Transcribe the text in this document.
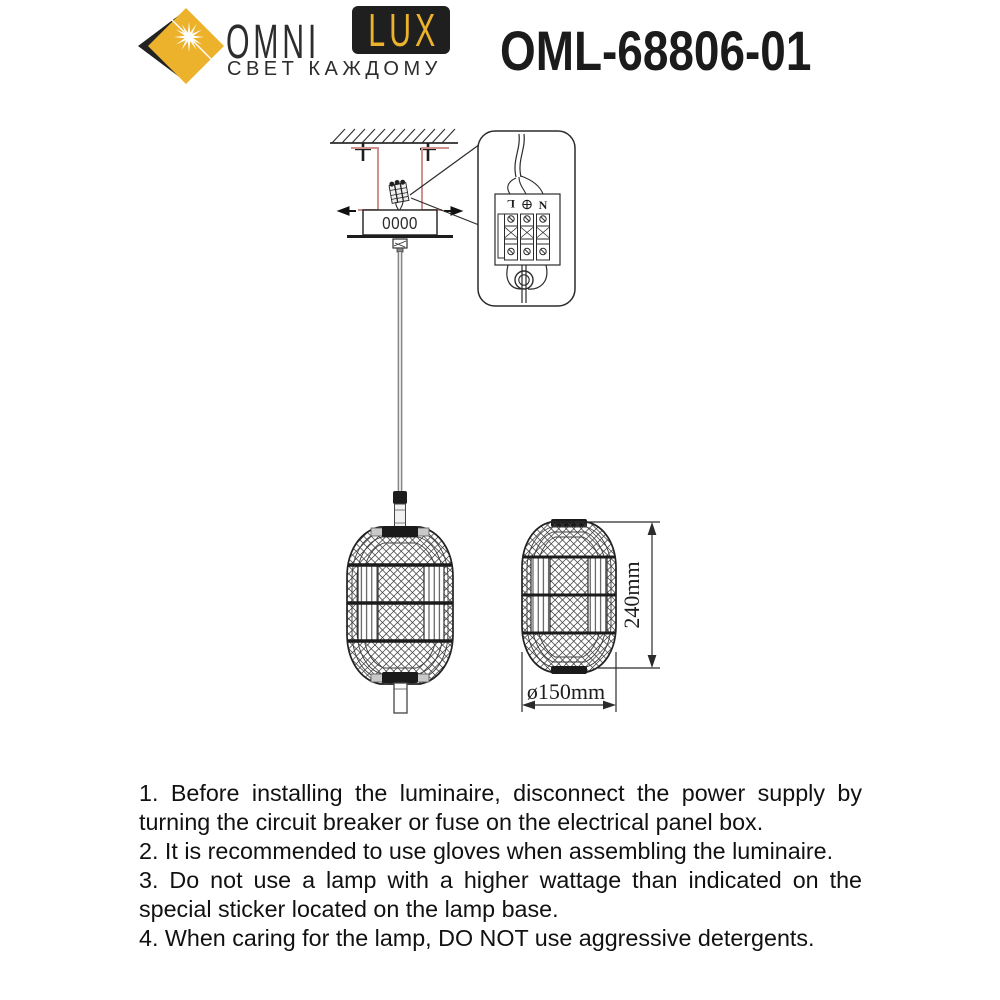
OMNI LUX
СВЕТ КАЖДОМУ OML-68806-01
0000
L N
240mm
ø150mm

1. Before installing the luminaire, disconnect the power supply by turning the circuit breaker or fuse on the electrical panel box.

2. It is recommended to use gloves when assembling the luminaire.

3. Do not use a lamp with a higher wattage than indicated on the special sticker located on the lamp base.

4. When caring for the lamp, DO NOT use aggressive detergents.
